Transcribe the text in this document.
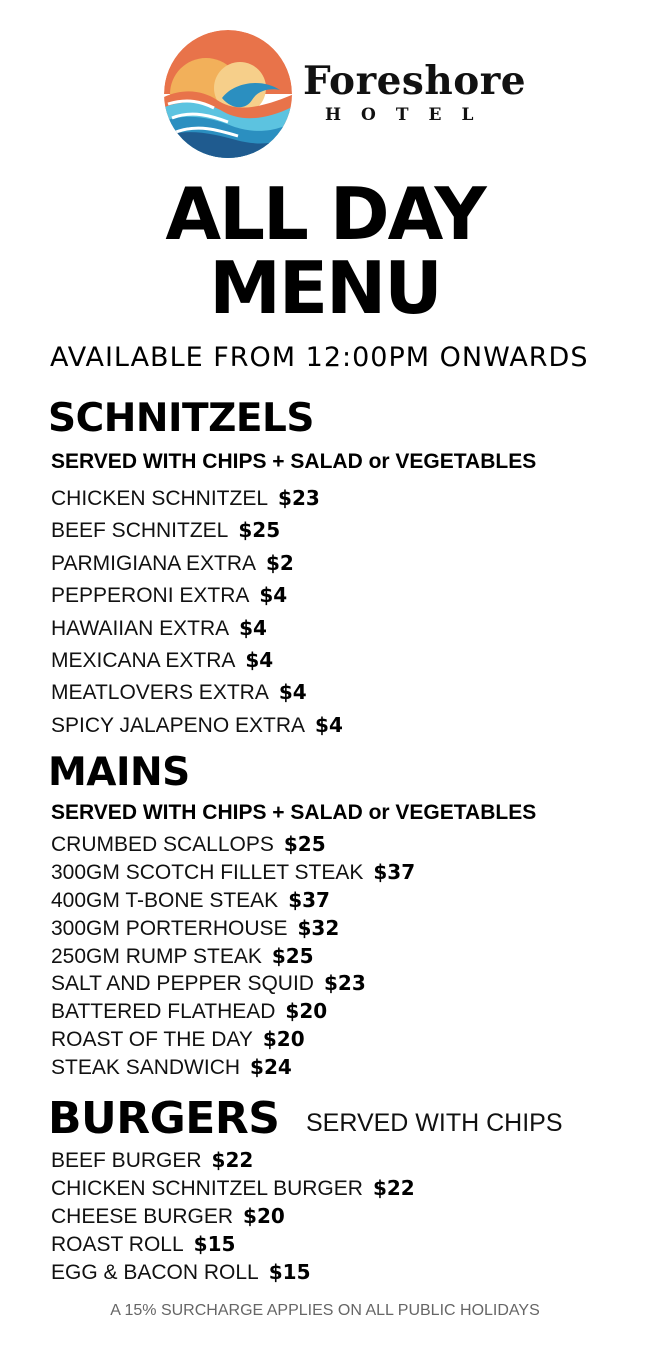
Foreshore
HOTEL
ALL DAY
MENU
AVAILABLE FROM 12:00PM ONWARDS
SCHNITZELS
SERVED WITH CHIPS + SALAD or VEGETABLES
CHICKEN SCHNITZEL $23
BEEF SCHNITZEL $25
PARMIGIANA EXTRA $2
PEPPERONI EXTRA $4
HAWAIIAN EXTRA $4
MEXICANA EXTRA $4
MEATLOVERS EXTRA $4
SPICY JALAPENO EXTRA $4
MAINS
SERVED WITH CHIPS + SALAD or VEGETABLES
CRUMBED SCALLOPS $25
300GM SCOTCH FILLET STEAK $37
400GM T-BONE STEAK $37
300GM PORTERHOUSE $32
250GM RUMP STEAK $25
SALT AND PEPPER SQUID $23
BATTERED FLATHEAD $20
ROAST OF THE DAY $20
STEAK SANDWICH $24
BURGERS SERVED WITH CHIPS
BEEF BURGER $22
CHICKEN SCHNITZEL BURGER $22
CHEESE BURGER $20
ROAST ROLL $15
EGG & BACON ROLL $15
A 15% SURCHARGE APPLIES ON ALL PUBLIC HOLIDAYS
